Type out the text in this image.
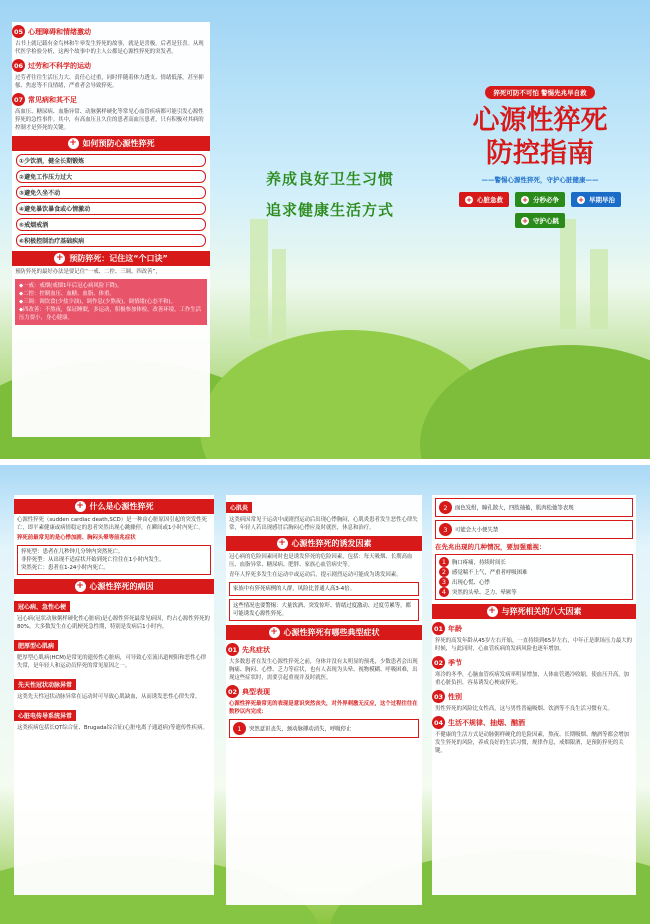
05 心理障碍和情绪激动
古书上就记载有金鸟林和牛皋发生猝死的故事，就是是喜极，后者是狂喜。从现代医学检验分析，这两个故事中的主人公都是心源性猝死的突发者。
06 过劳和不科学的运动
过劳者往往生活压力大、责任心过重，同时伴随着体力透支、情绪低落，甚至抑郁、焦虑等不良情绪，严重者会导致猝死。
07 常见病和其不足
高血压、糖尿病、血脂异常、动脉粥样硬化等常见心血管疾病都可能引发心源性猝死的急性事件。其中，有高血压且久住的患者高血压患者，只有积极对其病的控制才是猝死的关键。
+ 如何预防心源性猝死
①少饮酒，健全长期锻炼
②避免工作压力过大
③避免久坐不动
④避免暴饮暴食或心情激动
⑤戒烟戒酒
⑥积极控制治疗基础疾病
+ 预防猝死：记住这“个口诀”
预防猝死的最好办法是要记住“一戒、二控、三调、四改善”，
◆一戒：戒烟(戒烟1年后冠心病风险下降)。
◆二控：控制血压、血糖、血脂、体重。
◆三调：调饮食(少盐少油)，调作息(少熬夜)，调情绪(心态平和)。
◆四改善：不熬夜，保证睡眠，多运动，积极参加体检，改善环境，工作生活压力要小，身心健康。
养成良好卫生习惯
追求健康生活方式
猝死可防不可怕 警惕先兆早自救
心源性猝死
防控指南
——警惕心源性猝死，守护心脏健康——
+ 心脏急救	+ 分秒必争	+ 早期早治
+ 守护心跳
+ 什么是心源性猝死
心源性猝死（sudden cardiac death,SCD）是一种由心脏原因引起的突发性死亡，即平素健康或病情稳定的患者突然出现心跳骤停，在瞬间或1小时内死亡。
猝死前最常见的是心悸加剧、胸闷头晕等前兆症状
猝死型：患者在几秒钟几分钟内突然死亡。
非猝死型：从出现不适症状开始到死亡往往在1小时内发生。
突然死亡：患者在1-24小时内死亡。
+ 心源性猝死的病因
冠心病、急性心梗
冠心病(冠状动脉粥样硬化性心脏病)是心源性猝死最常见病因，约占心源性猝死的80%，大多数发生在心肌梗死急性期，特别是发病后1小时内。
肥厚型心肌病
肥厚型心肌病(HCM)是常见的遗传性心脏病，可导致心室流出道梗阻和恶性心律失常，是年轻人和运动员猝死的常见原因之一。
先天性冠状动脉异常
这类先天性冠状动脉异常在运动时可导致心肌缺血，从而诱发恶性心律失常。
心脏电传导系统异常
这类疾病包括长QT综合征、Brugada综合征(心脏电离子通道病)等遗传性疾病。
心肌炎
这类病因常见于运动中或剧烈运动后出现心悸胸闷，心肌炎患者发生恶性心律失常，年轻人若出现感冒后胸闷心悸应及时就医，休息和治疗。
+ 心源性猝死的诱发因素
冠心病的危险因素同时也是诱发猝死的危险因素，包括：每天吸烟、长期高血压、血脂异常、糖尿病、肥胖、家族心血管病史等。
青年人猝死多发生在运动中或运动后，提示剧烈运动可能成为诱发因素。
家族中有猝死病例的人群，风险比普通人高3-4倍。
这些情况也要警惕：大量饮酒、突发惊吓、情绪过度激动、过度劳累等，都可能诱发心源性猝死。
+ 心源性猝死有哪些典型症状
01 先兆症状
大多数患者在发生心源性猝死之前，身体并没有太明显的预兆，少数患者会出现胸痛、胸闷、心悸、乏力等症状，也有人表现为头晕、视物模糊、呼吸困难，出现这些症状时，需要引起重视并及时就医。
02 典型表现
心源性猝死最常见的表现是意识突然丧失，对外界刺激无反应，这个过程往往在数秒以内完成：
1 突然意识丧失，颈动脉搏动消失，呼吸停止
2 面色发绀，瞳孔散大，四肢抽搐，肌肉松弛等表现
3 可能会大小便失禁
在先兆出现的几种情况，要加强重视：
1 胸口疼痛，持续时间长
2 感觉喘不上气，严重者呼吸困难
3 出现心慌、心悸
4 突然的头晕、乏力、晕厥等
+ 与猝死相关的八大因素
01 年龄
猝死的高发年龄从45岁左右开始，一直持续到65岁左右，中年正是职场压力最大的时候，与此同时，心血管疾病的发病风险也逐年增加。
02 季节
寒冷的冬季，心脑血管疾病发病率明显增加，人体血管遇冷收缩，使血压升高，加重心脏负担，容易诱发心梗或猝死。
03 性别
男性猝死的风险比女性高，这与男性普遍吸烟、饮酒等不良生活习惯有关。
04 生活不规律、抽烟、酗酒
不健康的生活方式是动脉粥样硬化的危险因素，熬夜、长期吸烟、酗酒等都会增加发生猝死的风险，养成良好的生活习惯，规律作息，戒烟限酒，是预防猝死的关键。
